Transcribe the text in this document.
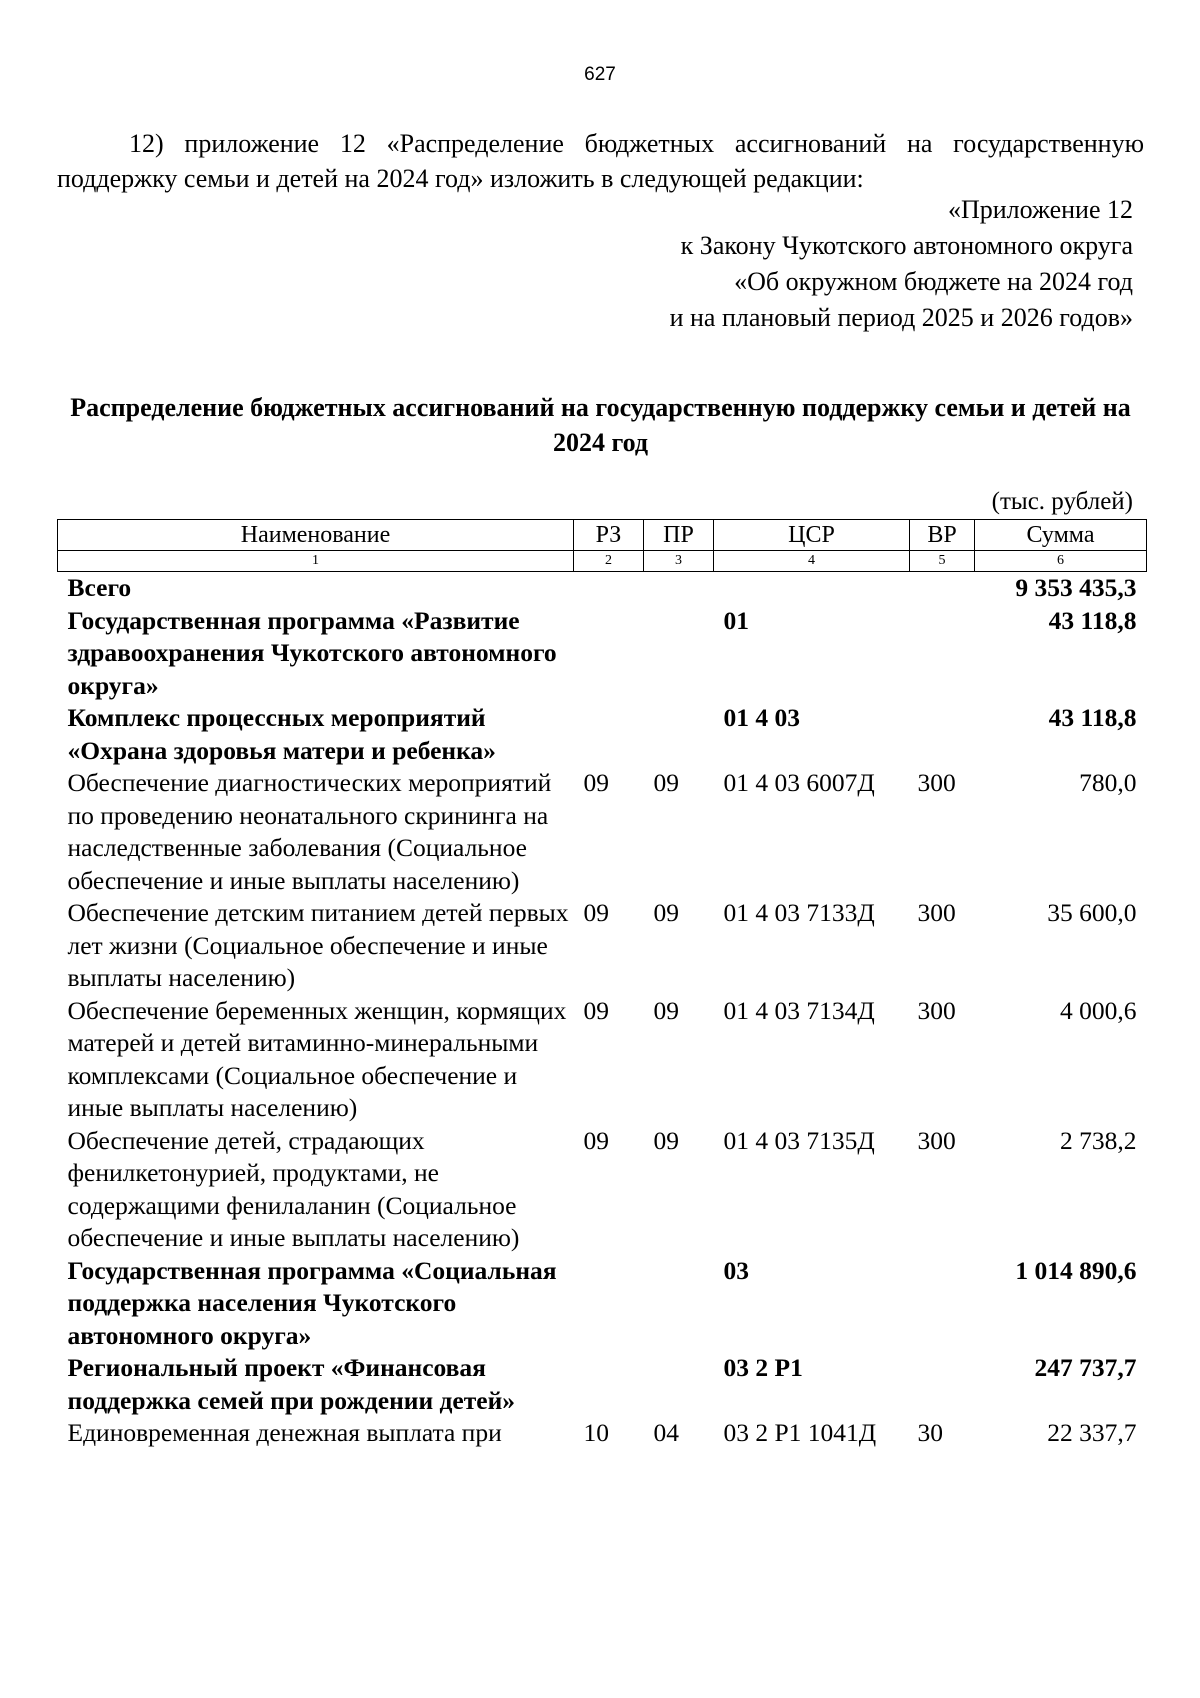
627
12) приложение 12 «Распределение бюджетных ассигнований на государственную поддержку семьи и детей на 2024 год» изложить в следующей редакции:
«Приложение 12
к Закону Чукотского автономного округа
«Об окружном бюджете на 2024 год
и на плановый период 2025 и 2026 годов»
Распределение бюджетных ассигнований на государственную поддержку семьи и детей на 2024 год
(тыс. рублей)
Наименование	РЗ	ПР	ЦСР	ВР	Сумма
1	2	3	4	5	6
Всего					9 353 435,3
Государственная программа «Развитие здравоохранения Чукотского автономного округа»			01		43 118,8
Комплекс процессных мероприятий «Охрана здоровья матери и ребенка»			01 4 03		43 118,8
Обеспечение диагностических мероприятий по проведению неонатального скрининга на наследственные заболевания (Социальное обеспечение и иные выплаты населению)	09	09	01 4 03 6007Д	300	780,0
Обеспечение детским питанием детей первых лет жизни (Социальное обеспечение и иные выплаты населению)	09	09	01 4 03 7133Д	300	35 600,0
Обеспечение беременных женщин, кормящих матерей и детей витаминно-минеральными комплексами (Социальное обеспечение и иные выплаты населению)	09	09	01 4 03 7134Д	300	4 000,6
Обеспечение детей, страдающих фенилкетонурией, продуктами, не содержащими фенилаланин (Социальное обеспечение и иные выплаты населению)	09	09	01 4 03 7135Д	300	2 738,2
Государственная программа «Социальная поддержка населения Чукотского автономного округа»			03		1 014 890,6
Региональный проект «Финансовая поддержка семей при рождении детей»			03 2 Р1		247 737,7

Единовременная денежная выплата при	10	04	03 2 Р1 1041Д	30	22 337,7
